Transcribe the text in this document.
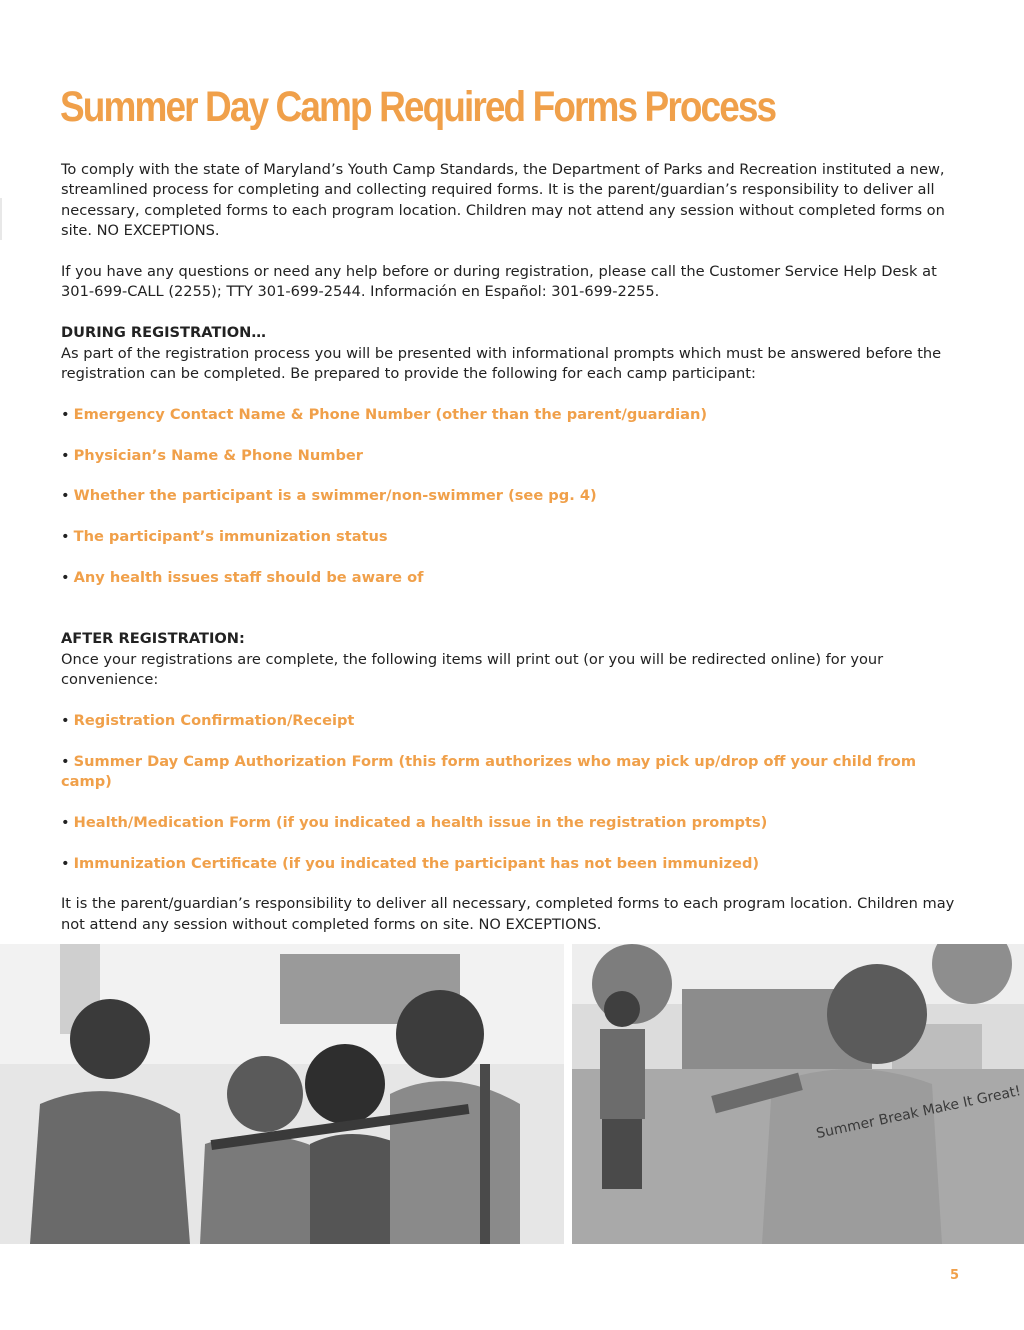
Summer Day Camp Required Forms Process

To comply with the state of Maryland’s Youth Camp Standards, the Department of Parks and Recreation instituted a new, streamlined process for completing and collecting required forms. It is the parent/guardian’s responsibility to deliver all necessary, completed forms to each program location. Children may not attend any session without completed forms on site. NO EXCEPTIONS.

If you have any questions or need any help before or during registration, please call the Customer Service Help Desk at 301-699-CALL (2255); TTY 301-699-2544. Información en Español: 301-699-2255.

DURING REGISTRATION…

As part of the registration process you will be presented with informational prompts which must be answered before the registration can be completed. Be prepared to provide the following for each camp participant:

• Emergency Contact Name & Phone Number (other than the parent/guardian)
• Physician’s Name & Phone Number
• Whether the participant is a swimmer/non-swimmer (see pg. 4)
• The participant’s immunization status
• Any health issues staff should be aware of

AFTER REGISTRATION:

Once your registrations are complete, the following items will print out (or you will be redirected online) for your convenience:

• Registration Confirmation/Receipt
• Summer Day Camp Authorization Form (this form authorizes who may pick up/drop off your child from camp)
• Health/Medication Form (if you indicated a health issue in the registration prompts)
• Immunization Certificate (if you indicated the participant has not been immunized)

It is the parent/guardian’s responsibility to deliver all necessary, completed forms to each program location. Children may not attend any session without completed forms on site. NO EXCEPTIONS.

Summer Break Make It Great!
5
